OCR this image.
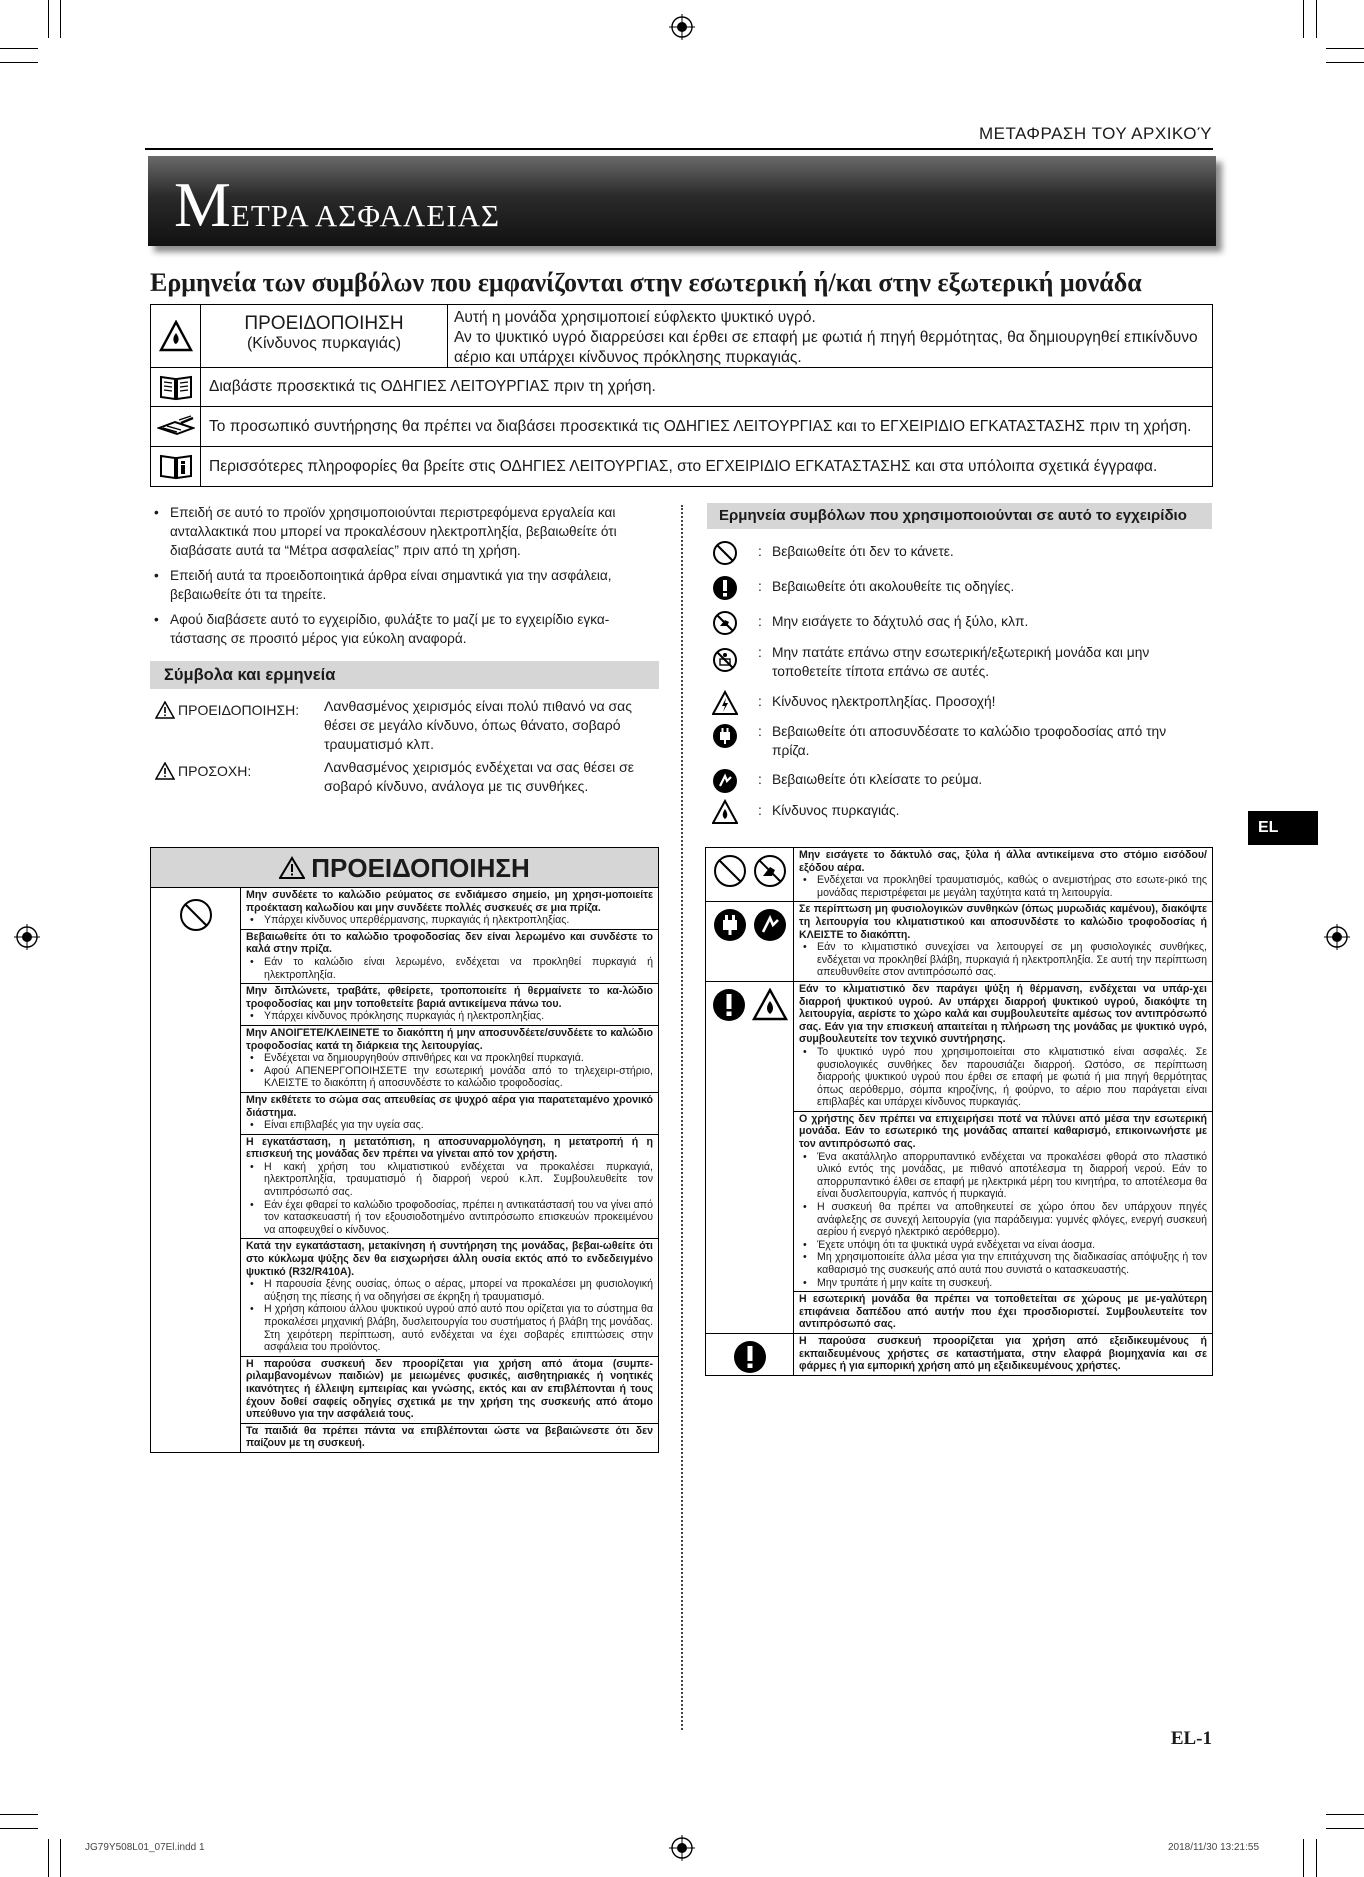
ΜΕΤΑΦΡΑΣΗ ΤΟΥ ΑΡΧΙΚΟΎ
ΜΕΤΡΑ ΑΣΦΑΛΕΙΑΣ
Ερμηνεία των συμβόλων που εμφανίζονται στην εσωτερική ή/και στην εξωτερική μονάδα
ΠΡΟΕΙΔΟΠΟΙΗΣΗ
(Κίνδυνος πυρκαγιάς)
Αυτή η μονάδα χρησιμοποιεί εύφλεκτο ψυκτικό υγρό.
Αν το ψυκτικό υγρό διαρρεύσει και έρθει σε επαφή με φωτιά ή πηγή θερμότητας, θα δημιουργηθεί επικίνδυνο αέριο και υπάρχει κίνδυνος πρόκλησης πυρκαγιάς.
Διαβάστε προσεκτικά τις ΟΔΗΓΙΕΣ ΛΕΙΤΟΥΡΓΙΑΣ πριν τη χρήση.
Το προσωπικό συντήρησης θα πρέπει να διαβάσει προσεκτικά τις ΟΔΗΓΙΕΣ ΛΕΙΤΟΥΡΓΙΑΣ και το ΕΓΧΕΙΡΙΔΙΟ ΕΓΚΑΤΑΣΤΑΣΗΣ πριν τη χρήση.
Περισσότερες πληροφορίες θα βρείτε στις ΟΔΗΓΙΕΣ ΛΕΙΤΟΥΡΓΙΑΣ, στο ΕΓΧΕΙΡΙΔΙΟ ΕΓΚΑΤΑΣΤΑΣΗΣ και στα υπόλοιπα σχετικά έγγραφα.
• Επειδή σε αυτό το προϊόν χρησιμοποιούνται περιστρεφόμενα εργαλεία και ανταλλακτικά που μπορεί να προκαλέσουν ηλεκτροπληξία, βεβαιωθείτε ότι διαβάσατε αυτά τα “Μέτρα ασφαλείας” πριν από τη χρήση.
• Επειδή αυτά τα προειδοποιητικά άρθρα είναι σημαντικά για την ασφάλεια, βεβαιωθείτε ότι τα τηρείτε.
• Αφού διαβάσετε αυτό το εγχειρίδιο, φυλάξτε το μαζί με το εγχειρίδιο εγκα-τάστασης σε προσιτό μέρος για εύκολη αναφορά.
Σύμβολα και ερμηνεία
ΠΡΟΕΙΔΟΠΟΙΗΣΗ: Λανθασμένος χειρισμός είναι πολύ πιθανό να σας θέσει σε μεγάλο κίνδυνο, όπως θάνατο, σοβαρό τραυματισμό κλπ.
ΠΡΟΣΟΧΗ:	Λανθασμένος χειρισμός ενδέχεται να σας θέσει σε σοβαρό κίνδυνο, ανάλογα με τις συνθήκες.
Ερμηνεία συμβόλων που χρησιμοποιούνται σε αυτό το εγχειρίδιο
: Βεβαιωθείτε ότι δεν το κάνετε.
: Βεβαιωθείτε ότι ακολουθείτε τις οδηγίες.
: Μην εισάγετε το δάχτυλό σας ή ξύλο, κλπ.
: Μην πατάτε επάνω στην εσωτερική/εξωτερική μονάδα και μην τοποθετείτε τίποτα επάνω σε αυτές.
: Κίνδυνος ηλεκτροπληξίας. Προσοχή!
: Βεβαιωθείτε ότι αποσυνδέσατε το καλώδιο τροφοδοσίας από την πρίζα.
: Βεβαιωθείτε ότι κλείσατε το ρεύμα.
: Κίνδυνος πυρκαγιάς.
EL
ΠΡΟΕΙΔΟΠΟΙΗΣΗ
Μην συνδέετε το καλώδιο ρεύματος σε ενδιάμεσο σημείο, μη χρησι-μοποιείτε προέκταση καλωδίου και μην συνδέετε πολλές συσκευές σε μια πρίζα.
• Υπάρχει κίνδυνος υπερθέρμανσης, πυρκαγιάς ή ηλεκτροπληξίας.
Βεβαιωθείτε ότι το καλώδιο τροφοδοσίας δεν είναι λερωμένο και συνδέστε το καλά στην πρίζα.
• Εάν το καλώδιο είναι λερωμένο, ενδέχεται να προκληθεί πυρκαγιά ή ηλεκτροπληξία.
Μην διπλώνετε, τραβάτε, φθείρετε, τροποποιείτε ή θερμαίνετε το κα-λώδιο τροφοδοσίας και μην τοποθετείτε βαριά αντικείμενα πάνω του.
• Υπάρχει κίνδυνος πρόκλησης πυρκαγιάς ή ηλεκτροπληξίας.
Μην ΑΝΟΙΓΕΤΕ/ΚΛΕΙΝΕΤΕ το διακόπτη ή μην αποσυνδέετε/συνδέετε το καλώδιο τροφοδοσίας κατά τη διάρκεια της λειτουργίας.
• Ενδέχεται να δημιουργηθούν σπινθήρες και να προκληθεί πυρκαγιά.
• Αφού ΑΠΕΝΕΡΓΟΠΟΙΗΣΕΤΕ την εσωτερική μονάδα από το τηλεχειρι-στήριο, ΚΛΕΙΣΤΕ το διακόπτη ή αποσυνδέστε το καλώδιο τροφοδοσίας.
Μην εκθέτετε το σώμα σας απευθείας σε ψυχρό αέρα για παρατεταμένο χρονικό διάστημα.
• Είναι επιβλαβές για την υγεία σας.
Η εγκατάσταση, η μετατόπιση, η αποσυναρμολόγηση, η μετατροπή ή η επισκευή της μονάδας δεν πρέπει να γίνεται από τον χρήστη.
• Η κακή χρήση του κλιματιστικού ενδέχεται να προκαλέσει πυρκαγιά, ηλεκτροπληξία, τραυματισμό ή διαρροή νερού κ.λπ. Συμβουλευθείτε τον αντιπρόσωπό σας.
• Εάν έχει φθαρεί το καλώδιο τροφοδοσίας, πρέπει η αντικατάστασή του να γίνει από τον κατασκευαστή ή τον εξουσιοδοτημένο αντιπρόσωπο επισκευών προκειμένου να αποφευχθεί ο κίνδυνος.
Κατά την εγκατάσταση, μετακίνηση ή συντήρηση της μονάδας, βεβαι-ωθείτε ότι στο κύκλωμα ψύξης δεν θα εισχωρήσει άλλη ουσία εκτός από το ενδεδειγμένο ψυκτικό (R32/R410A).
• Η παρουσία ξένης ουσίας, όπως ο αέρας, μπορεί να προκαλέσει μη φυσιολογική αύξηση της πίεσης ή να οδηγήσει σε έκρηξη ή τραυματισμό.
• Η χρήση κάποιου άλλου ψυκτικού υγρού από αυτό που ορίζεται για το σύστημα θα προκαλέσει μηχανική βλάβη, δυσλειτουργία του συστήματος ή βλάβη της μονάδας. Στη χειρότερη περίπτωση, αυτό ενδέχεται να έχει σοβαρές επιπτώσεις στην ασφάλεια του προϊόντος.
Η παρούσα συσκευή δεν προορίζεται για χρήση από άτομα (συμπε-ριλαμβανομένων παιδιών) με μειωμένες φυσικές, αισθητηριακές ή νοητικές ικανότητες ή έλλειψη εμπειρίας και γνώσης, εκτός και αν επιβλέπονται ή τους έχουν δοθεί σαφείς οδηγίες σχετικά με την χρήση της συσκευής από άτομο υπεύθυνο για την ασφάλειά τους.
Τα παιδιά θα πρέπει πάντα να επιβλέπονται ώστε να βεβαιώνεστε ότι δεν παίζουν με τη συσκευή.
Μην εισάγετε το δάκτυλό σας, ξύλα ή άλλα αντικείμενα στο στόμιο εισόδου/εξόδου αέρα.
• Ενδέχεται να προκληθεί τραυματισμός, καθώς ο ανεμιστήρας στο εσωτε-ρικό της μονάδας περιστρέφεται με μεγάλη ταχύτητα κατά τη λειτουργία.
Σε περίπτωση μη φυσιολογικών συνθηκών (όπως μυρωδιάς καμένου), διακόψτε τη λειτουργία του κλιματιστικού και αποσυνδέστε το καλώδιο τροφοδοσίας ή ΚΛΕΙΣΤΕ το διακόπτη.
• Εάν το κλιματιστικό συνεχίσει να λειτουργεί σε μη φυσιολογικές συνθήκες, ενδέχεται να προκληθεί βλάβη, πυρκαγιά ή ηλεκτροπληξία. Σε αυτή την περίπτωση απευθυνθείτε στον αντιπρόσωπό σας.
Εάν το κλιματιστικό δεν παράγει ψύξη ή θέρμανση, ενδέχεται να υπάρ-χει διαρροή ψυκτικού υγρού. Αν υπάρχει διαρροή ψυκτικού υγρού, διακόψτε τη λειτουργία, αερίστε το χώρο καλά και συμβουλευτείτε αμέσως τον αντιπρόσωπό σας. Εάν για την επισκευή απαιτείται η πλήρωση της μονάδας με ψυκτικό υγρό, συμβουλευτείτε τον τεχνικό συντήρησης.
• Το ψυκτικό υγρό που χρησιμοποιείται στο κλιματιστικό είναι ασφαλές. Σε φυσιολογικές συνθήκες δεν παρουσιάζει διαρροή. Ωστόσο, σε περίπτωση διαρροής ψυκτικού υγρού που έρθει σε επαφή με φωτιά ή μια πηγή θερμότητας όπως αερόθερμο, σόμπα κηροζίνης, ή φούρνο, το αέριο που παράγεται είναι επιβλαβές και υπάρχει κίνδυνος πυρκαγιάς.
Ο χρήστης δεν πρέπει να επιχειρήσει ποτέ να πλύνει από μέσα την εσωτερική μονάδα. Εάν το εσωτερικό της μονάδας απαιτεί καθαρισμό, επικοινωνήστε με τον αντιπρόσωπό σας.
• Ένα ακατάλληλο απορρυπαντικό ενδέχεται να προκαλέσει φθορά στο πλαστικό υλικό εντός της μονάδας, με πιθανό αποτέλεσμα τη διαρροή νερού. Εάν το απορρυπαντικό έλθει σε επαφή με ηλεκτρικά μέρη του κινητήρα, το αποτέλεσμα θα είναι δυσλειτουργία, καπνός ή πυρκαγιά.
• Η συσκευή θα πρέπει να αποθηκευτεί σε χώρο όπου δεν υπάρχουν πηγές ανάφλεξης σε συνεχή λειτουργία (για παράδειγμα: γυμνές φλόγες, ενεργή συσκευή αερίου ή ενεργό ηλεκτρικό αερόθερμο).
• Έχετε υπόψη ότι τα ψυκτικά υγρά ενδέχεται να είναι άοσμα.
• Μη χρησιμοποιείτε άλλα μέσα για την επιτάχυνση της διαδικασίας απόψυξης ή τον καθαρισμό της συσκευής από αυτά που συνιστά ο κατασκευαστής.
• Μην τρυπάτε ή μην καίτε τη συσκευή.
Η εσωτερική μονάδα θα πρέπει να τοποθετείται σε χώρους με με-γαλύτερη επιφάνεια δαπέδου από αυτήν που έχει προσδιοριστεί. Συμβουλευτείτε τον αντιπρόσωπό σας.
Η παρούσα συσκευή προορίζεται για χρήση από εξειδικευμένους ή εκπαιδευμένους χρήστες σε καταστήματα, στην ελαφρά βιομηχανία και σε φάρμες ή για εμπορική χρήση από μη εξειδικευμένους χρήστες.
EL-1
JG79Y508L01_07El.indd 1	2018/11/30 13:21:55
